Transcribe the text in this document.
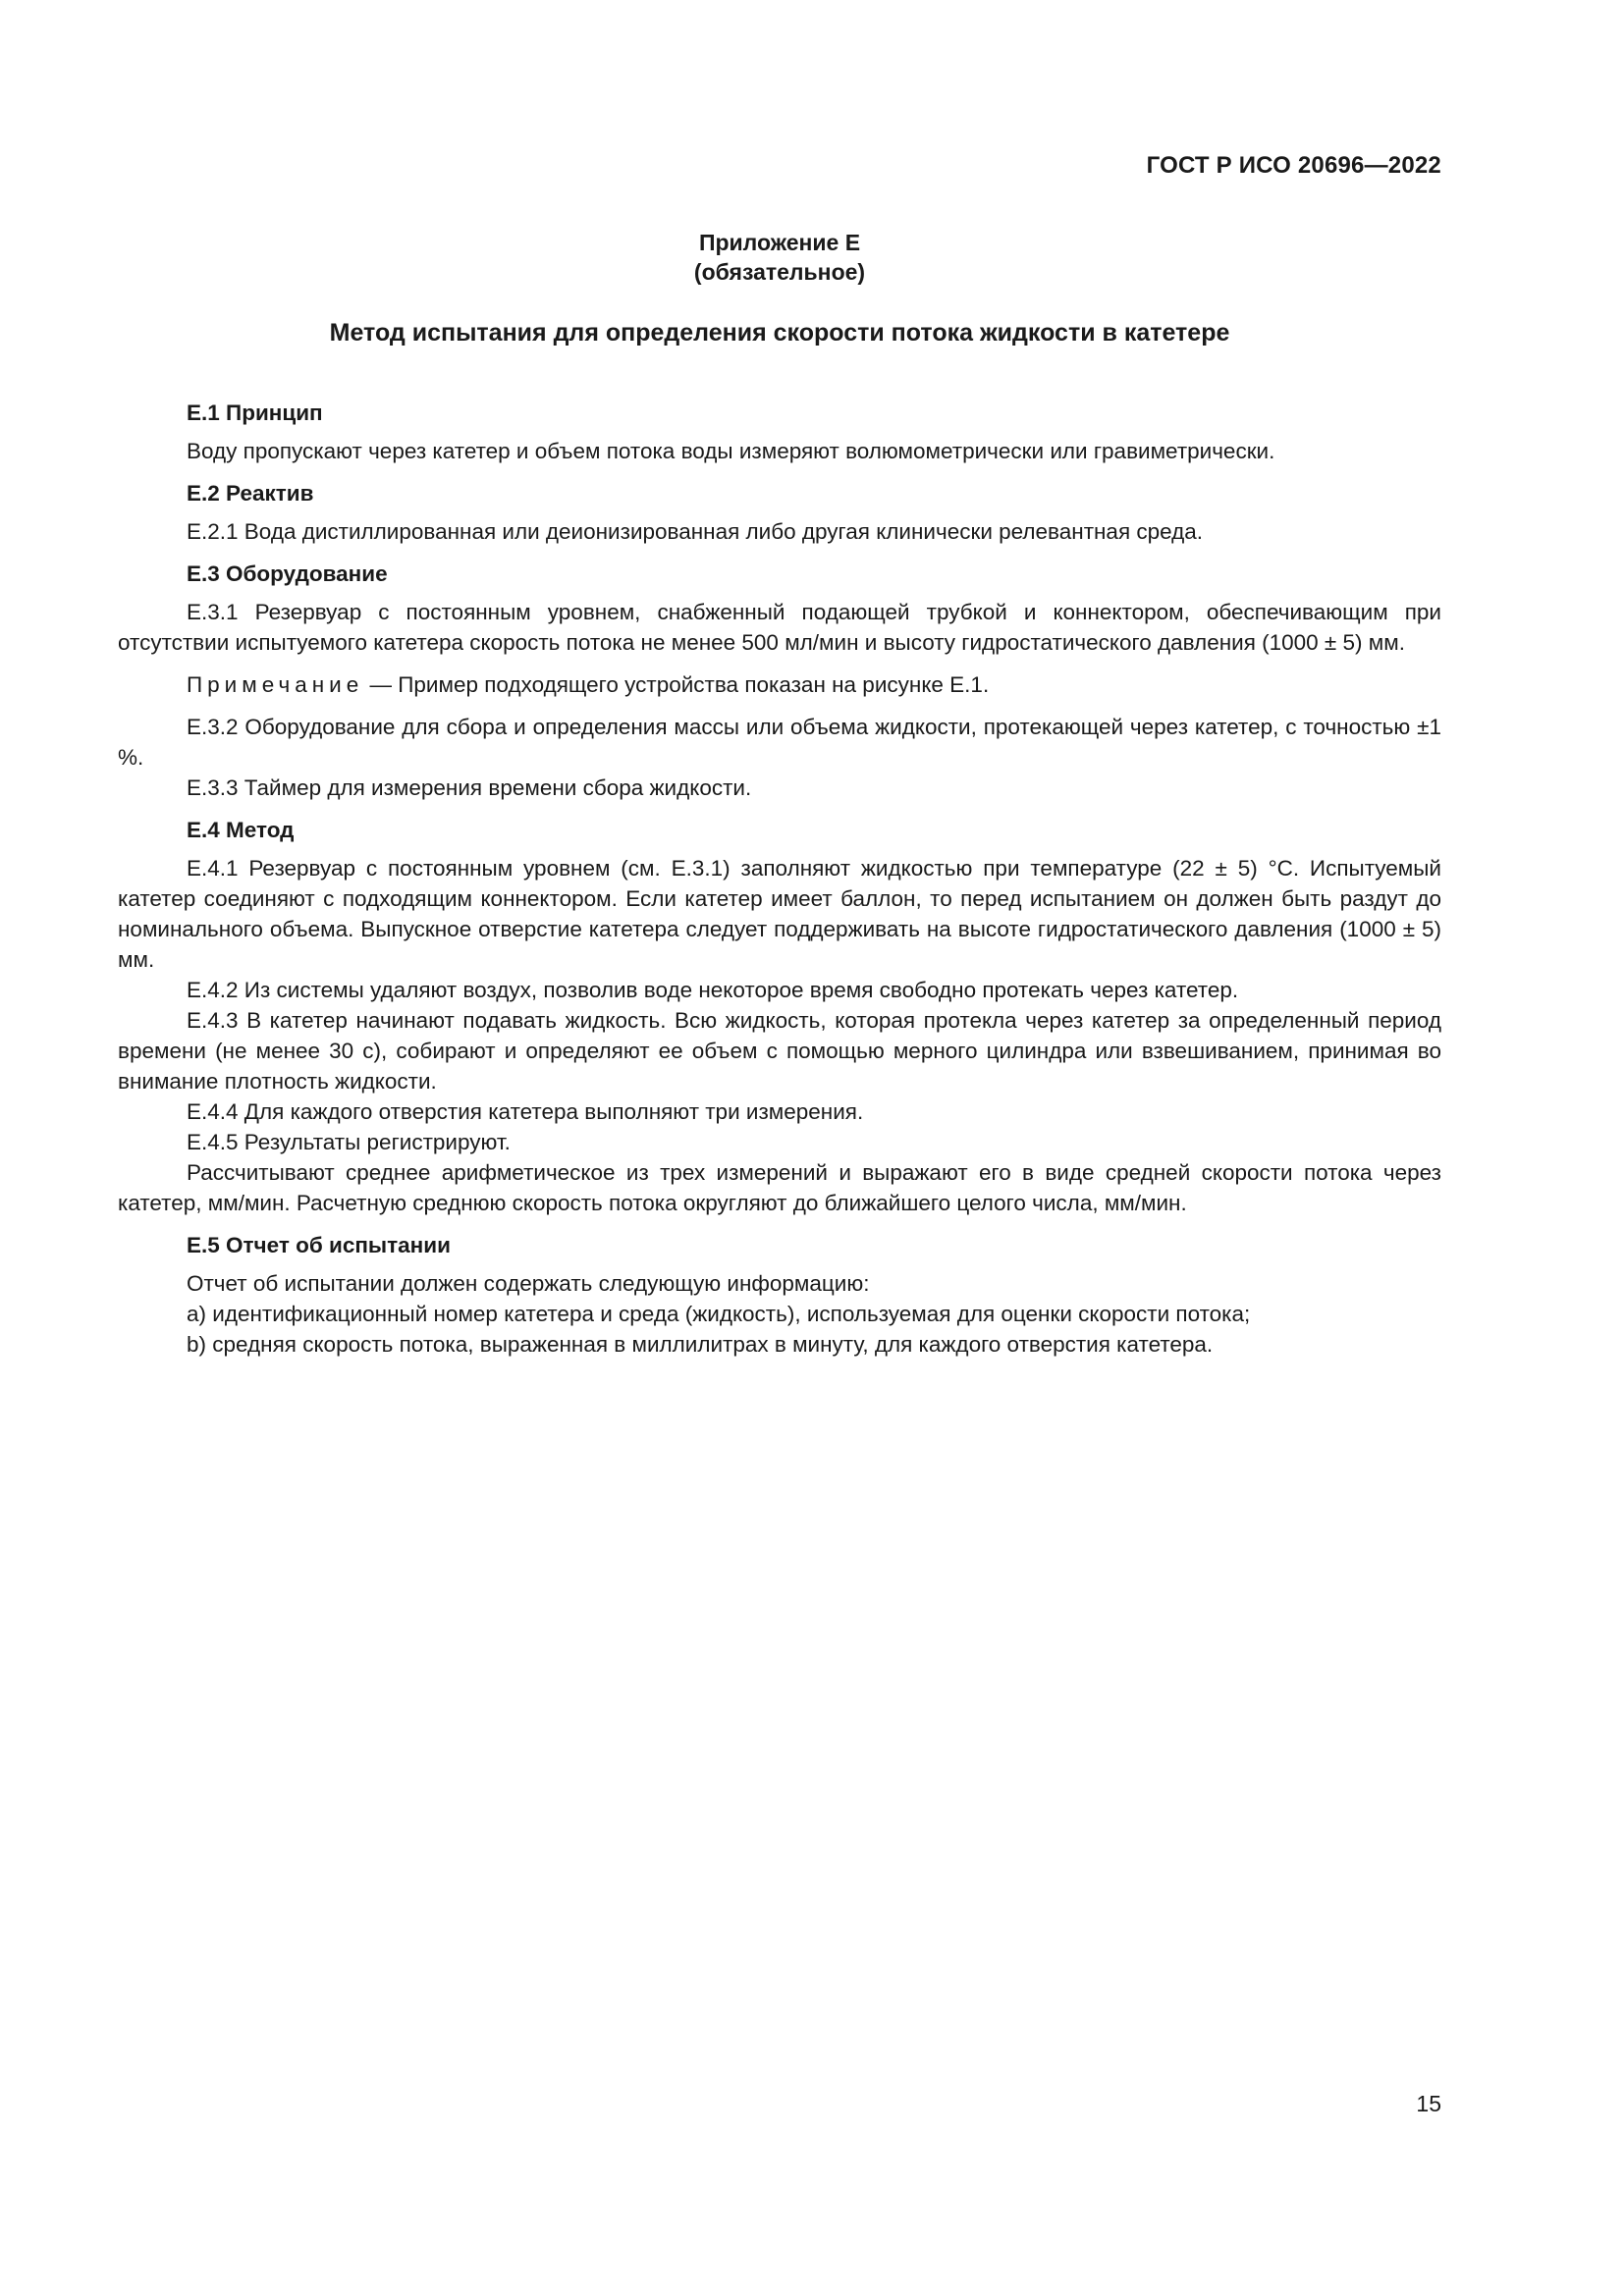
ГОСТ Р ИСО 20696—2022
Приложение Е
(обязательное)
Метод испытания для определения скорости потока жидкости в катетере
Е.1 Принцип

Воду пропускают через катетер и объем потока воды измеряют волюмометрически или гравиметрически.

Е.2 Реактив

Е.2.1 Вода дистиллированная или деионизированная либо другая клинически релевантная среда.

Е.3 Оборудование

Е.3.1 Резервуар с постоянным уровнем, снабженный подающей трубкой и коннектором, обеспечивающим при отсутствии испытуемого катетера скорость потока не менее 500 мл/мин и высоту гидростатического давления (1000 ± 5) мм.

Примечание — Пример подходящего устройства показан на рисунке Е.1.

Е.3.2 Оборудование для сбора и определения массы или объема жидкости, протекающей через катетер, с точностью ±1 %.

Е.3.3 Таймер для измерения времени сбора жидкости.

Е.4 Метод

Е.4.1 Резервуар с постоянным уровнем (см. Е.3.1) заполняют жидкостью при температуре (22 ± 5) °С. Испытуемый катетер соединяют с подходящим коннектором. Если катетер имеет баллон, то перед испытанием он должен быть раздут до номинального объема. Выпускное отверстие катетера следует поддерживать на высоте гидростатического давления (1000 ± 5) мм.

Е.4.2 Из системы удаляют воздух, позволив воде некоторое время свободно протекать через катетер.

Е.4.3 В катетер начинают подавать жидкость. Всю жидкость, которая протекла через катетер за определенный период времени (не менее 30 с), собирают и определяют ее объем с помощью мерного цилиндра или взвешиванием, принимая во внимание плотность жидкости.

Е.4.4 Для каждого отверстия катетера выполняют три измерения.

Е.4.5 Результаты регистрируют.

Рассчитывают среднее арифметическое из трех измерений и выражают его в виде средней скорости потока через катетер, мм/мин. Расчетную среднюю скорость потока округляют до ближайшего целого числа, мм/мин.

Е.5 Отчет об испытании

Отчет об испытании должен содержать следующую информацию:

a) идентификационный номер катетера и среда (жидкость), используемая для оценки скорости потока;

b) средняя скорость потока, выраженная в миллилитрах в минуту, для каждого отверстия катетера.

15
